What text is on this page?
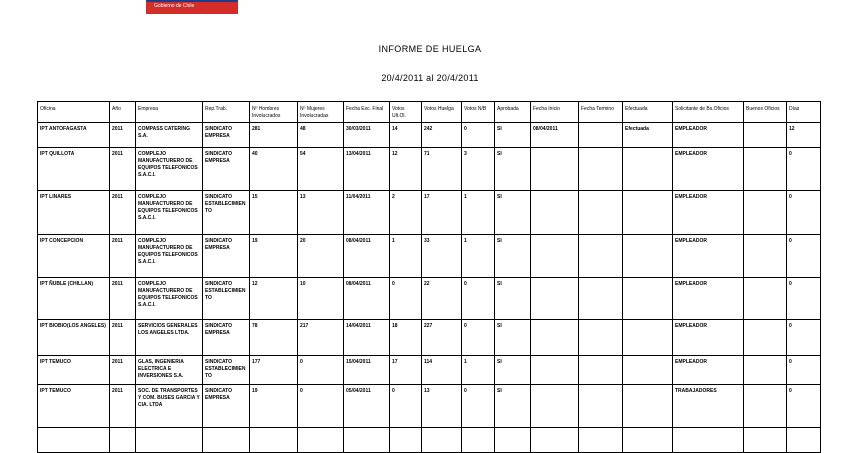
Gobierno de Chile
INFORME DE HUELGA
20/4/2011 al 20/4/2011
Oficina	Año	Empresa	Rep.Trab.	Nº Hombres Involucrados	Nº Mujeres Involucradas	Fecha Exc. Final	Votos Ult.Ol.	Votos Huelga	Votos N/B	Aprobada	Fecha Inicio	Fecha Termino	Efectuada	Solicitante de Bs.Oficios	Buenos Oficios	Días
IPT ANTOFAGASTA	2011	COMPASS CATERING S.A.	SINDICATO EMPRESA	281	48	30/03/2011	14	242	0	SI	08/04/2011		Efectuada	EMPLEADOR		12
IPT QUILLOTA	2011	COMPLEJO MANUFACTURERO DE EQUIPOS TELEFONICOS S.A.C.I.	SINDICATO EMPRESA	40	54	13/04/2011	12	71	3	SI				EMPLEADOR		0
IPT LINARES	2011	COMPLEJO MANUFACTURERO DE EQUIPOS TELEFONICOS S.A.C.I.	SINDICATO ESTABLECIMIENTO	15	13	11/04/2011	2	17	1	SI				EMPLEADOR		0
IPT CONCEPCION	2011	COMPLEJO MANUFACTURERO DE EQUIPOS TELEFONICOS S.A.C.I.	SINDICATO EMPRESA	19	20	08/04/2011	1	33	1	SI				EMPLEADOR		0
IPT ÑUBLE (CHILLAN)	2011	COMPLEJO MANUFACTURERO DE EQUIPOS TELEFONICOS S.A.C.I.	SINDICATO ESTABLECIMIENTO	12	10	08/04/2011	0	22	0	SI				EMPLEADOR		0
IPT BIOBIO(LOS ANGELES)	2011	SERVICIOS GENERALES LOS ANGELES LTDA.	SINDICATO EMPRESA	78	217	14/04/2011	18	227	0	SI				EMPLEADOR		0
IPT TEMUCO	2011	GLAS, INGENIERIA ELECTRICA E INVERSIONES S.A.	SINDICATO ESTABLECIMIENTO	177	0	15/04/2011	17	114	1	SI				EMPLEADOR		0
IPT TEMUCO	2011	SOC. DE TRANSPORTES Y COM. BUSES GARCIA Y CIA. LTDA	SINDICATO EMPRESA	19	0	05/04/2011	0	13	0	SI				TRABAJADORES		0
